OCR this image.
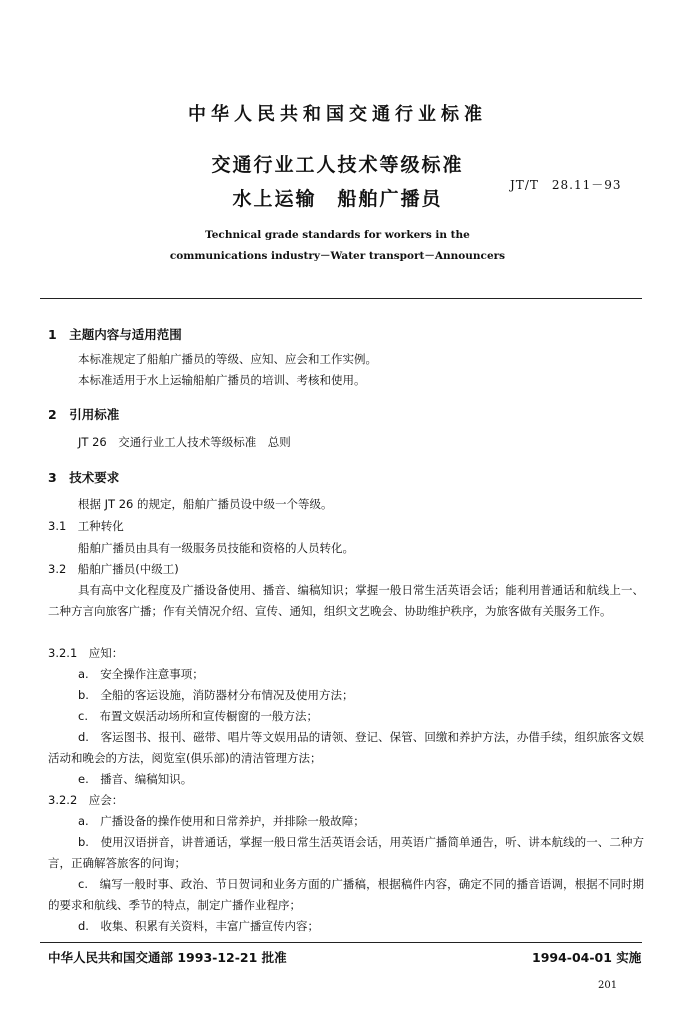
中华人民共和国交通行业标准
交通行业工人技术等级标准
水上运输　船舶广播员
JT/T　28.11－93
Technical grade standards for workers in the
communications industry－Water transport－Announcers
1　主题内容与适用范围
本标准规定了船舶广播员的等级、应知、应会和工作实例。
本标准适用于水上运输船舶广播员的培训、考核和使用。
2　引用标准
JT 26　交通行业工人技术等级标准　总则
3　技术要求
根据 JT 26 的规定，船舶广播员设中级一个等级。
3.1　工种转化
船舶广播员由具有一级服务员技能和资格的人员转化。
3.2　船舶广播员(中级工)
具有高中文化程度及广播设备使用、播音、编稿知识；掌握一般日常生活英语会话；能利用普通话和航线上一、二种方言向旅客广播；作有关情况介绍、宣传、通知，组织文艺晚会、协助维护秩序，为旅客做有关服务工作。
3.2.1　应知：
a.　安全操作注意事项；
b.　全船的客运设施，消防器材分布情况及使用方法；
c.　布置文娱活动场所和宣传橱窗的一般方法；
d.　客运图书、报刊、磁带、唱片等文娱用品的请领、登记、保管、回缴和养护方法，办借手续，组织旅客文娱活动和晚会的方法，阅览室(俱乐部)的清洁管理方法；
e.　播音、编稿知识。
3.2.2　应会：
a.　广播设备的操作使用和日常养护，并排除一般故障；
b.　使用汉语拼音，讲普通话，掌握一般日常生活英语会话，用英语广播简单通告，听、讲本航线的一、二种方言，正确解答旅客的问询；
c.　编写一般时事、政治、节日贺词和业务方面的广播稿，根据稿件内容，确定不同的播音语调，根据不同时期的要求和航线、季节的特点，制定广播作业程序；
d.　收集、积累有关资料，丰富广播宣传内容；
中华人民共和国交通部 1993-12-21 批准	1994-04-01 实施
201
